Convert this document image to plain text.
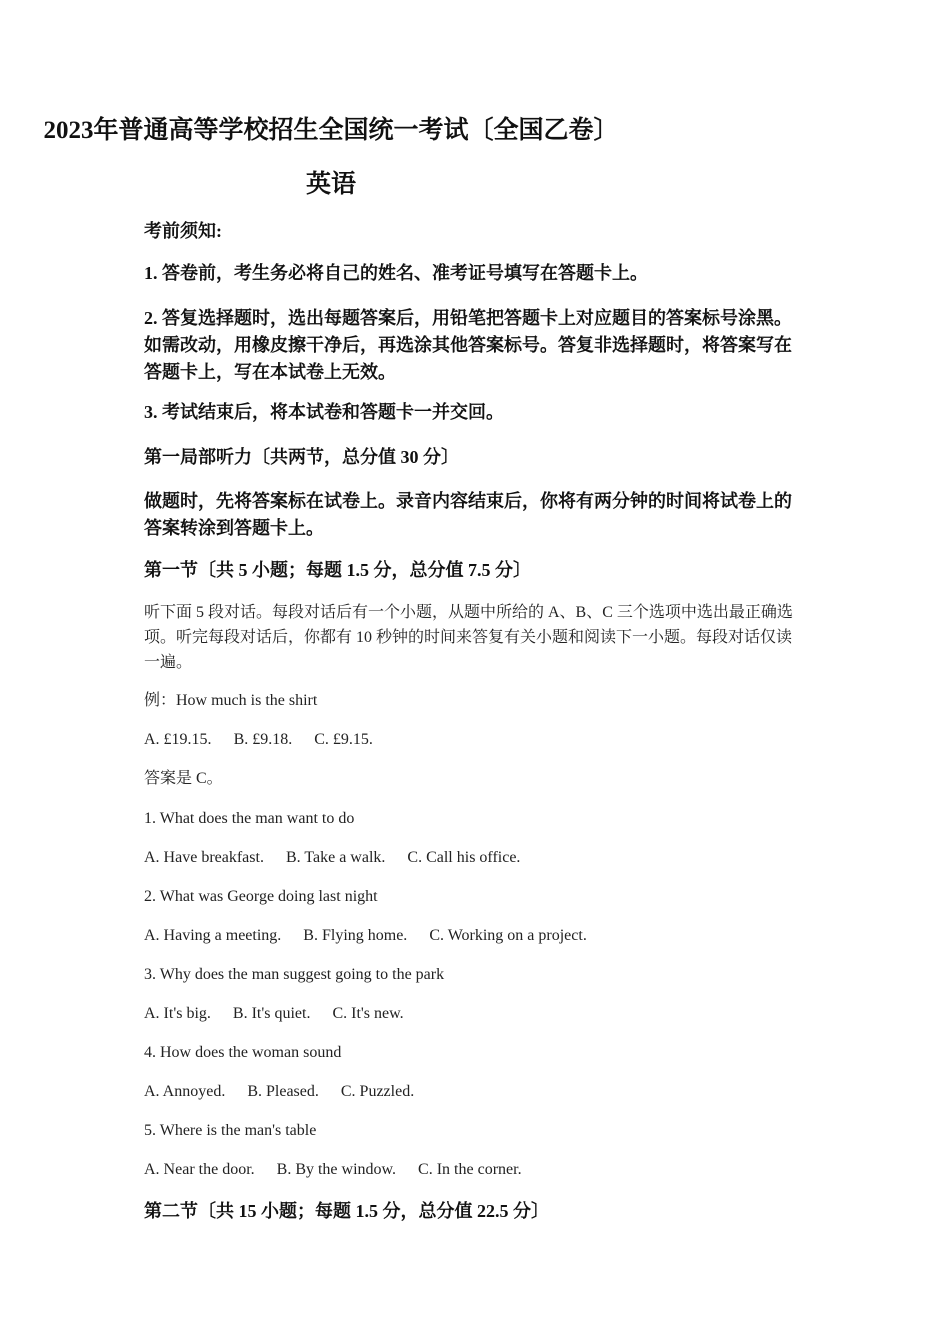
2023年普通高等学校招生全国统一考试〔全国乙卷〕
英语
考前须知:
1. 答卷前，考生务必将自己的姓名、准考证号填写在答题卡上。
2. 答复选择题时，选出每题答案后，用铅笔把答题卡上对应题目的答案标号涂黑。如需改动，用橡皮擦干净后，再选涂其他答案标号。答复非选择题时，将答案写在答题卡上，写在本试卷上无效。
3. 考试结束后，将本试卷和答题卡一并交回。
第一局部听力〔共两节，总分值 30 分〕
做题时，先将答案标在试卷上。录音内容结束后，你将有两分钟的时间将试卷上的答案转涂到答题卡上。
第一节〔共 5 小题；每题 1.5 分，总分值 7.5 分〕
听下面 5 段对话。每段对话后有一个小题，从题中所给的 A、B、C 三个选项中选出最正确选项。听完每段对话后，你都有 10 秒钟的时间来答复有关小题和阅读下一小题。每段对话仅读一遍。
例：How much is the shirt
A. £19.15. B. £9.18. C. £9.15.
答案是 C。
1. What does the man want to do
A. Have breakfast. B. Take a walk. C. Call his office.
2. What was George doing last night
A. Having a meeting. B. Flying home. C. Working on a project.
3. Why does the man suggest going to the park
A. It's big. B. It's quiet. C. It's new.
4. How does the woman sound
A. Annoyed. B. Pleased. C. Puzzled.
5. Where is the man's table
A. Near the door. B. By the window. C. In the corner.
第二节〔共 15 小题；每题 1.5 分，总分值 22.5 分〕
